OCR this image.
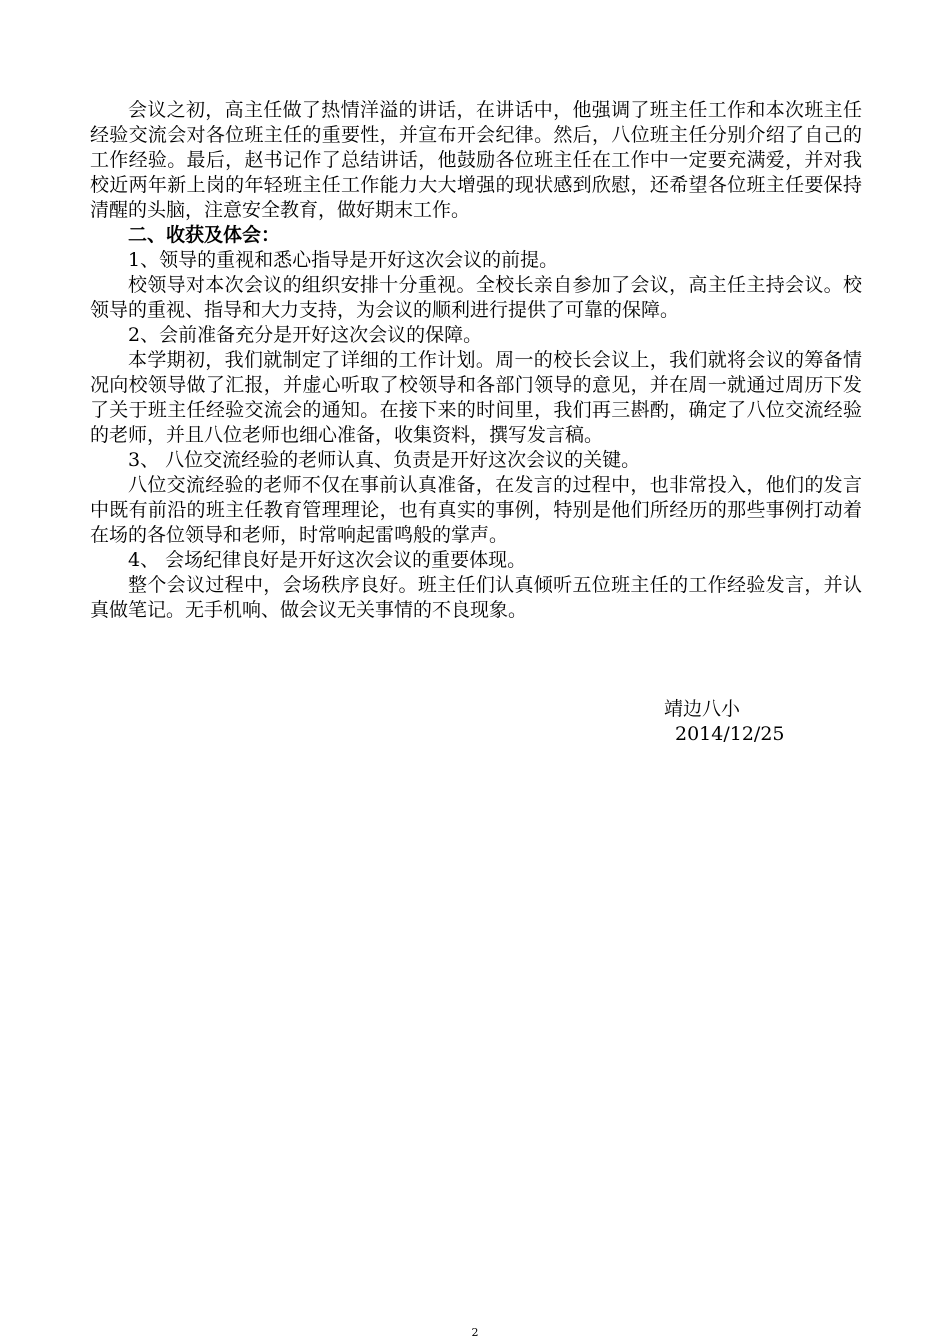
会议之初，高主任做了热情洋溢的讲话，在讲话中，他强调了班主任工作和本次班主任经验交流会对各位班主任的重要性，并宣布开会纪律。然后，八位班主任分别介绍了自己的工作经验。最后，赵书记作了总结讲话，他鼓励各位班主任在工作中一定要充满爱，并对我校近两年新上岗的年轻班主任工作能力大大增强的现状感到欣慰，还希望各位班主任要保持清醒的头脑，注意安全教育，做好期末工作。

二、收获及体会：

1、领导的重视和悉心指导是开好这次会议的前提。

校领导对本次会议的组织安排十分重视。全校长亲自参加了会议，高主任主持会议。校领导的重视、指导和大力支持，为会议的顺利进行提供了可靠的保障。

2、会前准备充分是开好这次会议的保障。

本学期初，我们就制定了详细的工作计划。周一的校长会议上，我们就将会议的筹备情况向校领导做了汇报，并虚心听取了校领导和各部门领导的意见，并在周一就通过周历下发了关于班主任经验交流会的通知。在接下来的时间里，我们再三斟酌，确定了八位交流经验的老师，并且八位老师也细心准备，收集资料，撰写发言稿。

3、 八位交流经验的老师认真、负责是开好这次会议的关键。

八位交流经验的老师不仅在事前认真准备，在发言的过程中，也非常投入，他们的发言中既有前沿的班主任教育管理理论，也有真实的事例，特别是他们所经历的那些事例打动着在场的各位领导和老师，时常响起雷鸣般的掌声。

4、 会场纪律良好是开好这次会议的重要体现。

整个会议过程中，会场秩序良好。班主任们认真倾听五位班主任的工作经验发言，并认真做笔记。无手机响、做会议无关事情的不良现象。

靖边八小
2014/12/25
2
